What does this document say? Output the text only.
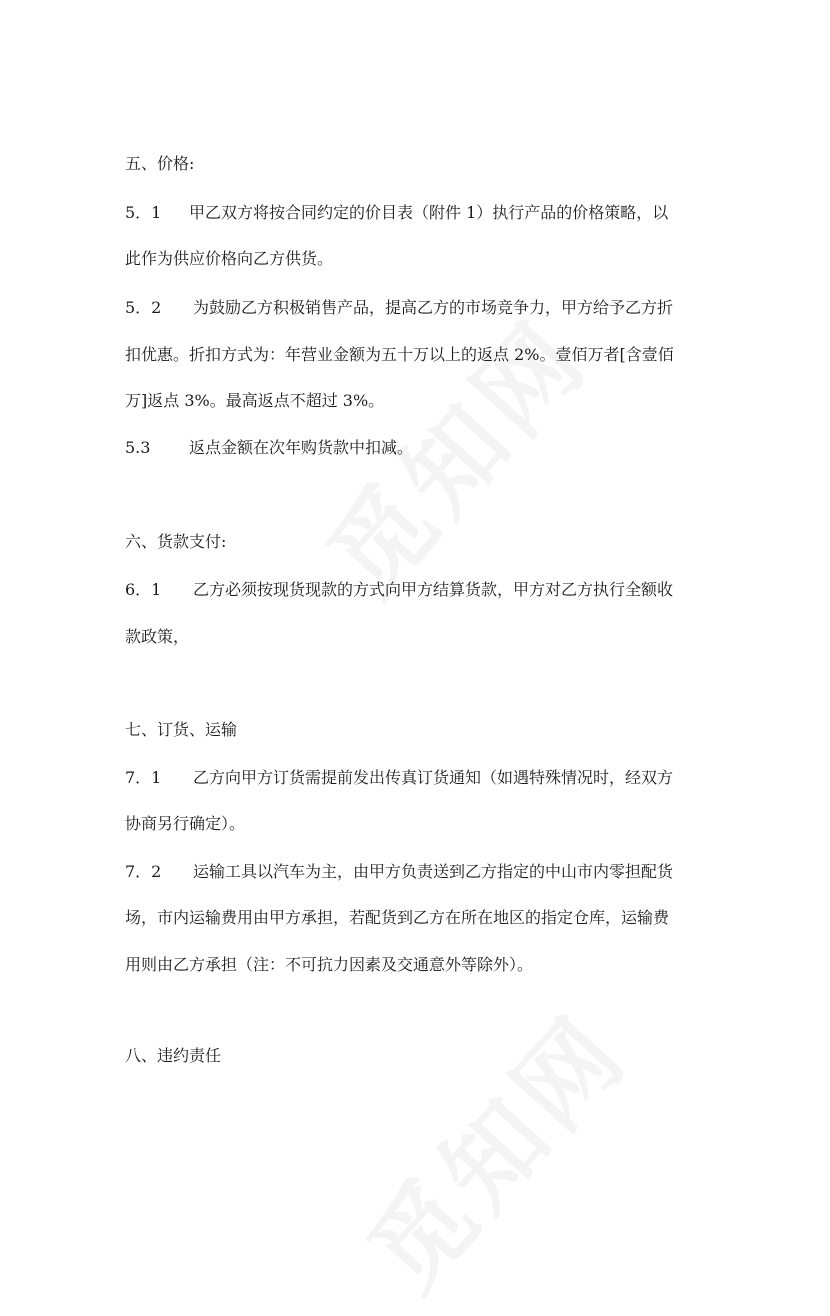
五、价格:
5．1 甲乙双方将按合同约定的价目表（附件 1）执行产品的价格策略，以
此作为供应价格向乙方供货。
5．2 为鼓励乙方积极销售产品，提高乙方的市场竞争力，甲方给予乙方折
扣优惠。折扣方式为：年营业金额为五十万以上的返点 2%。壹佰万者[含壹佰
万]返点 3%。最高返点不超过 3%。
5.3 返点金额在次年购货款中扣减。
六、货款支付:
6．1 乙方必须按现货现款的方式向甲方结算货款，甲方对乙方执行全额收
款政策，
七、订货、运输
7．1 乙方向甲方订货需提前发出传真订货通知（如遇特殊情况时，经双方
协商另行确定）。
7．2 运输工具以汽车为主，由甲方负责送到乙方指定的中山市内零担配货
场，市内运输费用由甲方承担，若配货到乙方在所在地区的指定仓库，运输费
用则由乙方承担（注：不可抗力因素及交通意外等除外）。
八、违约责任
